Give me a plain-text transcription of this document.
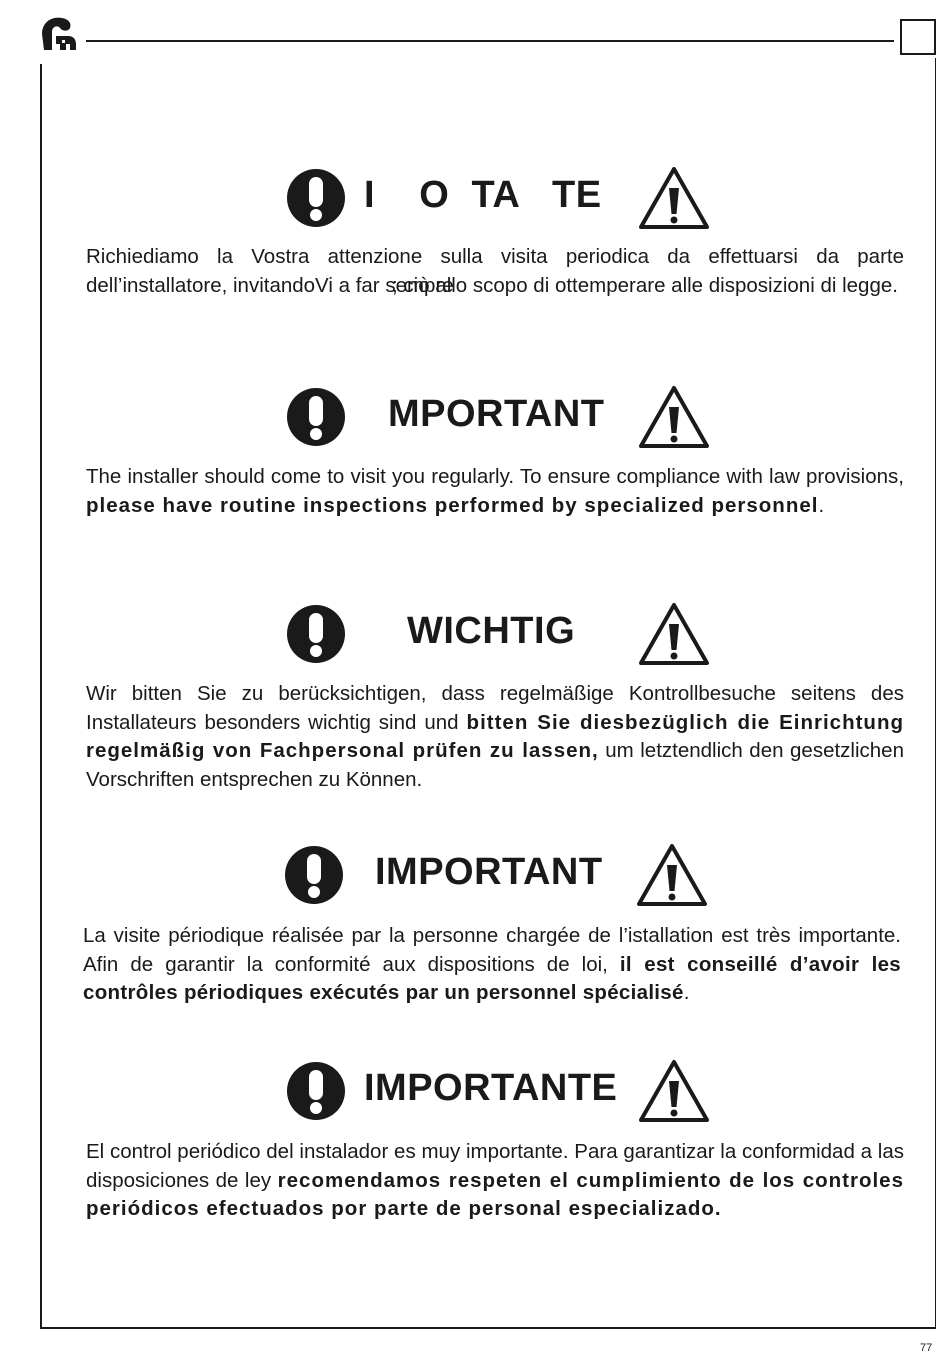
77
I    O  TA   TE
Richiediamo la Vostra attenzione sulla visita periodica da effettuarsi da parte dell’installatore, invitandoVi a far sempre

; ciò allo scopo di ottemperare alle disposizioni di legge.
MPORTANT
The installer should come to visit you regularly. To ensure compliance with law provisions, please have routine inspections performed by specialized personnel.
WICHTIG
Wir bitten Sie zu berücksichtigen, dass regelmäßige Kontrollbesuche seitens des Installateurs besonders wichtig sind und bitten Sie diesbezüglich die Einrichtung regelmäßig von Fachpersonal prüfen zu lassen, um letztendlich den gesetzlichen Vorschriften entsprechen zu Können.
IMPORTANT
La visite périodique réalisée par la personne chargée de l’istallation est très importante. Afin de garantir la conformité aux dispositions de loi, il est conseillé d’avoir les contrôles périodiques exécutés par un personnel spécialisé.
IMPORTANTE
El control periódico del instalador es muy importante. Para garantizar la conformidad a las disposiciones de ley recomendamos respeten el cumplimiento de los controles periódicos efectuados por parte de personal especializado.
